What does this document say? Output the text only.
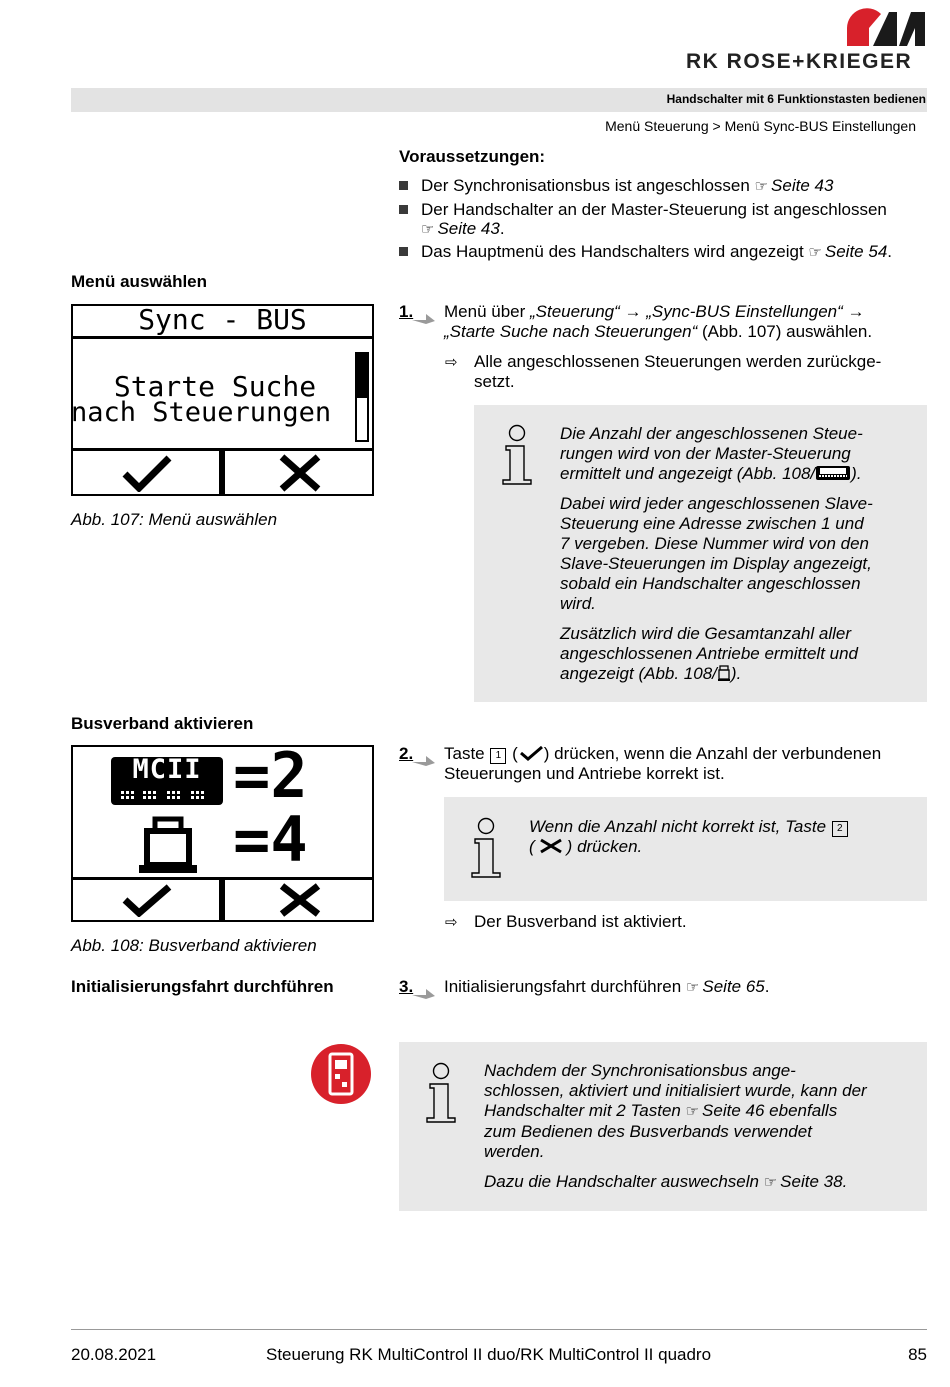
RK ROSE+KRIEGER
Handschalter mit 6 Funktionstasten bedienen
Menü Steuerung > Menü Sync-BUS Einstellungen
Voraussetzungen:
Der Synchronisationsbus ist angeschlossen ☞ Seite 43
Der Handschalter an der Master-Steuerung ist angeschlossen
☞ Seite 43.
Das Hauptmenü des Handschalters wird angezeigt ☞ Seite 54.
Menü auswählen
Sync - BUS
Starte Suche
nach Steuerungen
Abb. 107: Menü auswählen
1. Menü über „Steuerung“ → „Sync-BUS Einstellungen“ →
„Starte Suche nach Steuerungen“ (Abb. 107) auswählen.
⇨ Alle angeschlossenen Steuerungen werden zurückge-
setzt.
Die Anzahl der angeschlossenen Steue-
rungen wird von der Master-Steuerung
ermittelt und angezeigt (Abb. 108/ ).
Dabei wird jeder angeschlossenen Slave-
Steuerung eine Adresse zwischen 1 und
7 vergeben. Diese Nummer wird von den
Slave-Steuerungen im Display angezeigt,
sobald ein Handschalter angeschlossen
wird.
Zusätzlich wird die Gesamtanzahl aller
angeschlossenen Antriebe ermittelt und
angezeigt (Abb. 108/ ).
Busverband aktivieren
MCII =2
=4
Abb. 108: Busverband aktivieren
2. Taste 1 ( ) drücken, wenn die Anzahl der verbundenen
Steuerungen und Antriebe korrekt ist.
Wenn die Anzahl nicht korrekt ist, Taste 2
( ) drücken.
⇨ Der Busverband ist aktiviert.
Initialisierungsfahrt durchführen	3. Initialisierungsfahrt durchführen ☞ Seite 65.
Nachdem der Synchronisationsbus ange-
schlossen, aktiviert und initialisiert wurde, kann der
Handschalter mit 2 Tasten ☞ Seite 46 ebenfalls
zum Bedienen des Busverbands verwendet
werden.
Dazu die Handschalter auswechseln ☞ Seite 38.
20.08.2021	Steuerung RK MultiControl II duo/RK MultiControl II quadro	85
